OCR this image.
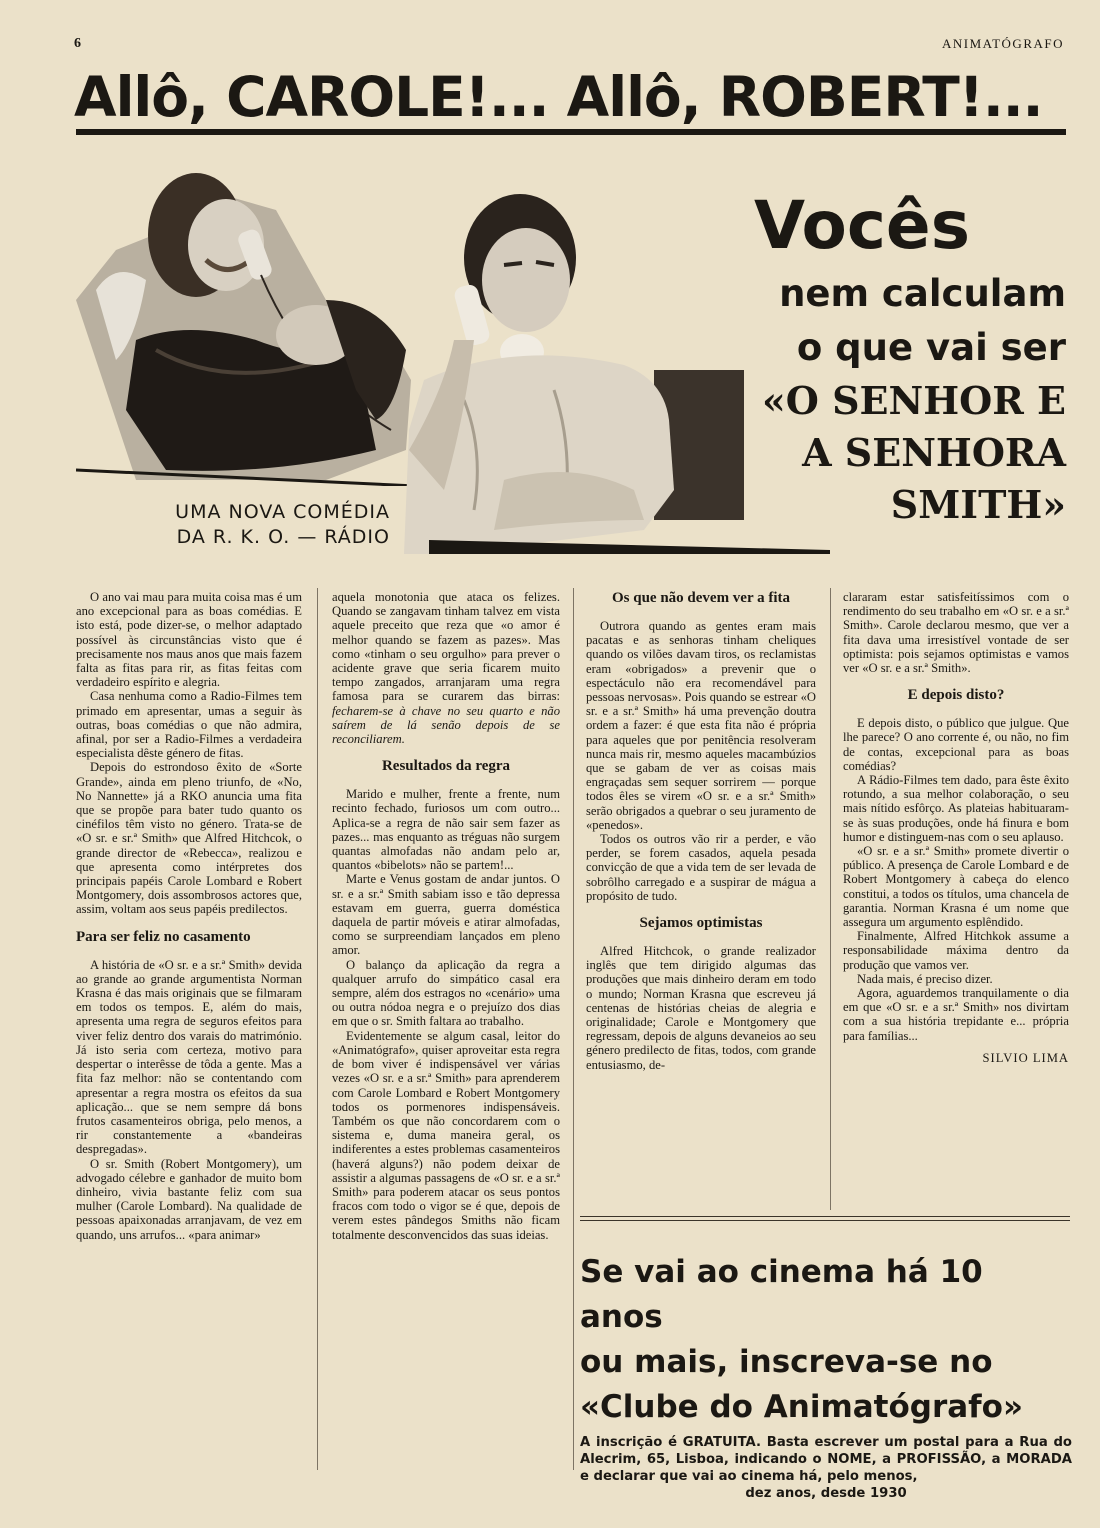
6	ANIMATÓGRAFO
Allô, CAROLE!... Allô, ROBERT!...
UMA NOVA COMÉDIA
DA R. K. O. — RÁDIO
Vocês
nem calculam
o que vai ser
«O SENHOR E
A SENHORA
SMITH»

O ano vai mau para muita coisa mas é um ano excepcional para as boas comédias. E isto está, pode dizer-se, o melhor adaptado possível às circunstâncias visto que é precisamente nos maus anos que mais fazem falta as fitas para rir, as fitas feitas com verdadeiro espírito e alegria.

Casa nenhuma como a Radio-Filmes tem primado em apresentar, umas a seguir às outras, boas comédias o que não admira, afinal, por ser a Radio-Filmes a verdadeira especialista dêste género de fitas.

Depois do estrondoso êxito de «Sorte Grande», ainda em pleno triunfo, de «No, No Nannette» já a RKO anuncia uma fita que se propõe para bater tudo quanto os cinéfilos têm visto no género. Trata-se de «O sr. e sr.ª Smith» que Alfred Hitchcok, o grande director de «Rebecca», realizou e que apresenta como intérpretes dos principais papéis Carole Lombard e Robert Montgomery, dois assombrosos actores que, assim, voltam aos seus papéis predilectos.

Para ser feliz no casamento

A história de «O sr. e a sr.ª Smith» devida ao grande ao grande argumentista Norman Krasna é das mais originais que se filmaram em todos os tempos. E, além do mais, apresenta uma regra de seguros efeitos para viver feliz dentro dos varais do matrimónio. Já isto seria com certeza, motivo para despertar o interêsse de tôda a gente. Mas a fita faz melhor: não se contentando com apresentar a regra mostra os efeitos da sua aplicação... que se nem sempre dá bons frutos casamenteiros obriga, pelo menos, a rir constantemente a «bandeiras despregadas».

O sr. Smith (Robert Montgomery), um advogado célebre e ganhador de muito bom dinheiro, vivia bastante feliz com sua mulher (Carole Lombard). Na qualidade de pessoas apaixonadas arranjavam, de vez em quando, uns arrufos... «para animar»

aquela monotonia que ataca os felizes. Quando se zangavam tinham talvez em vista aquele preceito que reza que «o amor é melhor quando se fazem as pazes». Mas como «tinham o seu orgulho» para prever o acidente grave que seria ficarem muito tempo zangados, arranjaram uma regra famosa para se curarem das birras: fecharem-se à chave no seu quarto e não saírem de lá senão depois de se reconciliarem.

Resultados da regra

Marido e mulher, frente a frente, num recinto fechado, furiosos um com outro... Aplica-se a regra de não sair sem fazer as pazes... mas enquanto as tréguas não surgem quantas almofadas não andam pelo ar, quantos «bibelots» não se partem!...

Marte e Venus gostam de andar juntos. O sr. e a sr.ª Smith sabiam isso e tão depressa estavam em guerra, guerra doméstica daquela de partir móveis e atirar almofadas, como se surpreendiam lançados em pleno amor.

O balanço da aplicação da regra a qualquer arrufo do simpático casal era sempre, além dos estragos no «cenário» uma ou outra nódoa negra e o prejuízo dos dias em que o sr. Smith faltara ao trabalho.

Evidentemente se algum casal, leitor do «Animatógrafo», quiser aproveitar esta regra de bom viver é indispensável ver várias vezes «O sr. e a sr.ª Smith» para aprenderem com Carole Lombard e Robert Montgomery todos os pormenores indispensáveis. Também os que não concordarem com o sistema e, duma maneira geral, os indiferentes a estes problemas casamenteiros (haverá alguns?) não podem deixar de assistir a algumas passagens de «O sr. e a sr.ª Smith» para poderem atacar os seus pontos fracos com todo o vigor se é que, depois de verem estes pândegos Smiths não ficam totalmente desconvencidos das suas ideias.

Os que não devem ver a fita

Outrora quando as gentes eram mais pacatas e as senhoras tinham cheliques quando os vilões davam tiros, os reclamistas eram «obrigados» a prevenir que o espectáculo não era recomendável para pessoas nervosas». Pois quando se estrear «O sr. e a sr.ª Smith» há uma prevenção doutra ordem a fazer: é que esta fita não é própria para aqueles que por penitência resolveram nunca mais rir, mesmo aqueles macambúzios que se gabam de ver as coisas mais engraçadas sem sequer sorrirem — porque todos êles se virem «O sr. e a sr.ª Smith» serão obrigados a quebrar o seu juramento de «penedos».

Todos os outros vão rir a perder, e vão perder, se forem casados, aquela pesada convicção de que a vida tem de ser levada de sobrôlho carregado e a suspirar de mágua a propósito de tudo.

Sejamos optimistas

Alfred Hitchcok, o grande realizador inglês que tem dirigido algumas das produções que mais dinheiro deram em todo o mundo; Norman Krasna que escreveu já centenas de histórias cheias de alegria e originalidade; Carole e Montgomery que regressam, depois de alguns devaneios ao seu género predilecto de fitas, todos, com grande entusiasmo, de-

clararam estar satisfeitíssimos com o rendimento do seu trabalho em «O sr. e a sr.ª Smith». Carole declarou mesmo, que ver a fita dava uma irresistível vontade de ser optimista: pois sejamos optimistas e vamos ver «O sr. e a sr.ª Smith».

E depois disto?

E depois disto, o público que julgue. Que lhe parece? O ano corrente é, ou não, no fim de contas, excepcional para as boas comédias?

A Rádio-Filmes tem dado, para êste êxito rotundo, a sua melhor colaboração, o seu mais nítido esfôrço. As plateias habituaram-se às suas produções, onde há finura e bom humor e distinguem-nas com o seu aplauso.

«O sr. e a sr.ª Smith» promete divertir o público. A presença de Carole Lombard e de Robert Montgomery à cabeça do elenco constitui, a todos os títulos, uma chancela de garantia. Norman Krasna é um nome que assegura um argumento esplêndido.

Finalmente, Alfred Hitchkok assume a responsabilidade máxima dentro da produção que vamos ver.

Nada mais, é preciso dizer.

Agora, aguardemos tranquilamente o dia em que «O sr. e a sr.ª Smith» nos divirtam com a sua história trepidante e... própria para famílias...

SILVIO LIMA

Se vai ao cinema há 10 anos
ou mais, inscreva-se no
«Clube do Animatógrafo»
A inscrição é GRATUITA. Basta escrever um postal para a Rua do Alecrim, 65, Lisboa, indicando o NOME, a PROFISSÃO, a MORADA e declarar que vai ao cinema há, pelo menos,
dez anos, desde 1930
